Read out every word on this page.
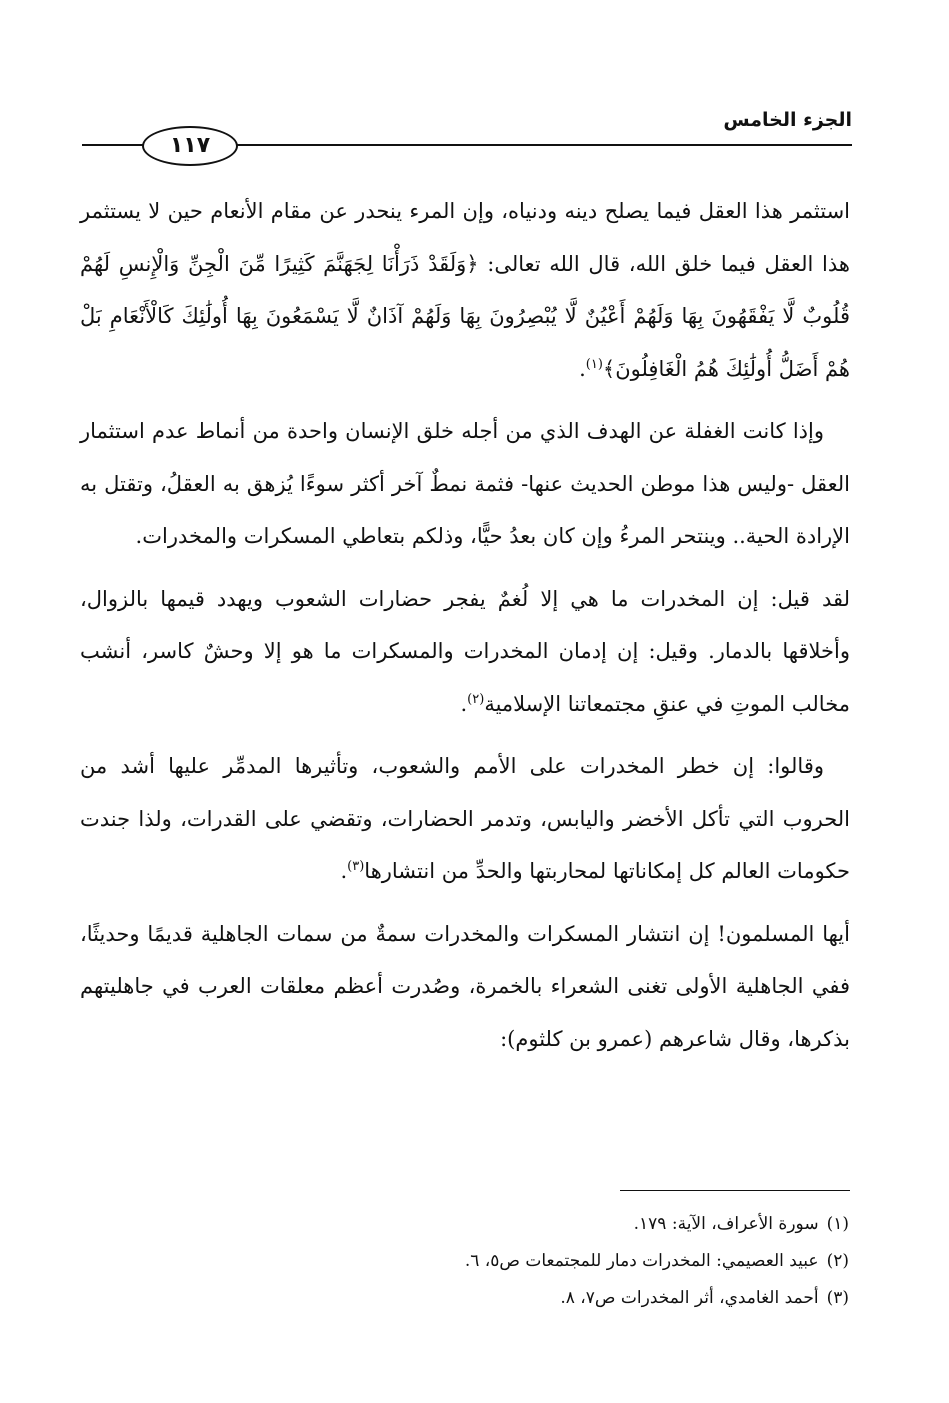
الجزء الخامس
١١٧

استثمر هذا العقل فيما يصلح دينه ودنياه، وإن المرء ينحدر عن مقام الأنعام حين لا يستثمر هذا العقل فيما خلق الله، قال الله تعالى: ﴿وَلَقَدْ ذَرَأْنَا لِجَهَنَّمَ كَثِيرًا مِّنَ الْجِنِّ وَالْإِنسِ لَهُمْ قُلُوبٌ لَّا يَفْقَهُونَ بِهَا وَلَهُمْ أَعْيُنٌ لَّا يُبْصِرُونَ بِهَا وَلَهُمْ آذَانٌ لَّا يَسْمَعُونَ بِهَا أُولَٰئِكَ كَالْأَنْعَامِ بَلْ هُمْ أَضَلُّ أُولَٰئِكَ هُمُ الْغَافِلُونَ﴾$^{(١)}$.

وإذا كانت الغفلة عن الهدف الذي من أجله خلق الإنسان واحدة من أنماط عدم استثمار العقل -وليس هذا موطن الحديث عنها- فثمة نمطٌ آخر أكثر سوءًا يُزهق به العقلُ، وتقتل به الإرادة الحية.. وينتحر المرءُ وإن كان بعدُ حيًّا، وذلكم بتعاطي المسكرات والمخدرات.

لقد قيل: إن المخدرات ما هي إلا لُغمٌ يفجر حضارات الشعوب ويهدد قيمها بالزوال، وأخلاقها بالدمار. وقيل: إن إدمان المخدرات والمسكرات ما هو إلا وحشٌ كاسر، أنشب مخالب الموتِ في عنقِ مجتمعاتنا الإسلامية$^{(٢)}$.

وقالوا: إن خطر المخدرات على الأمم والشعوب، وتأثيرها المدمِّر عليها أشد من الحروب التي تأكل الأخضر واليابس، وتدمر الحضارات، وتقضي على القدرات، ولذا جندت حكومات العالم كل إمكاناتها لمحاربتها والحدِّ من انتشارها$^{(٣)}$.

أيها المسلمون! إن انتشار المسكرات والمخدرات سمةٌ من سمات الجاهلية قديمًا وحديثًا، ففي الجاهلية الأولى تغنى الشعراء بالخمرة، وصُدرت أعظم معلقات العرب في جاهليتهم بذكرها، وقال شاعرهم (عمرو بن كلثوم):

(١)سورة الأعراف، الآية: ١٧٩.
(٢)عبيد العصيمي: المخدرات دمار للمجتمعات ص٥، ٦.
(٣)أحمد الغامدي، أثر المخدرات ص٧، ٨.
